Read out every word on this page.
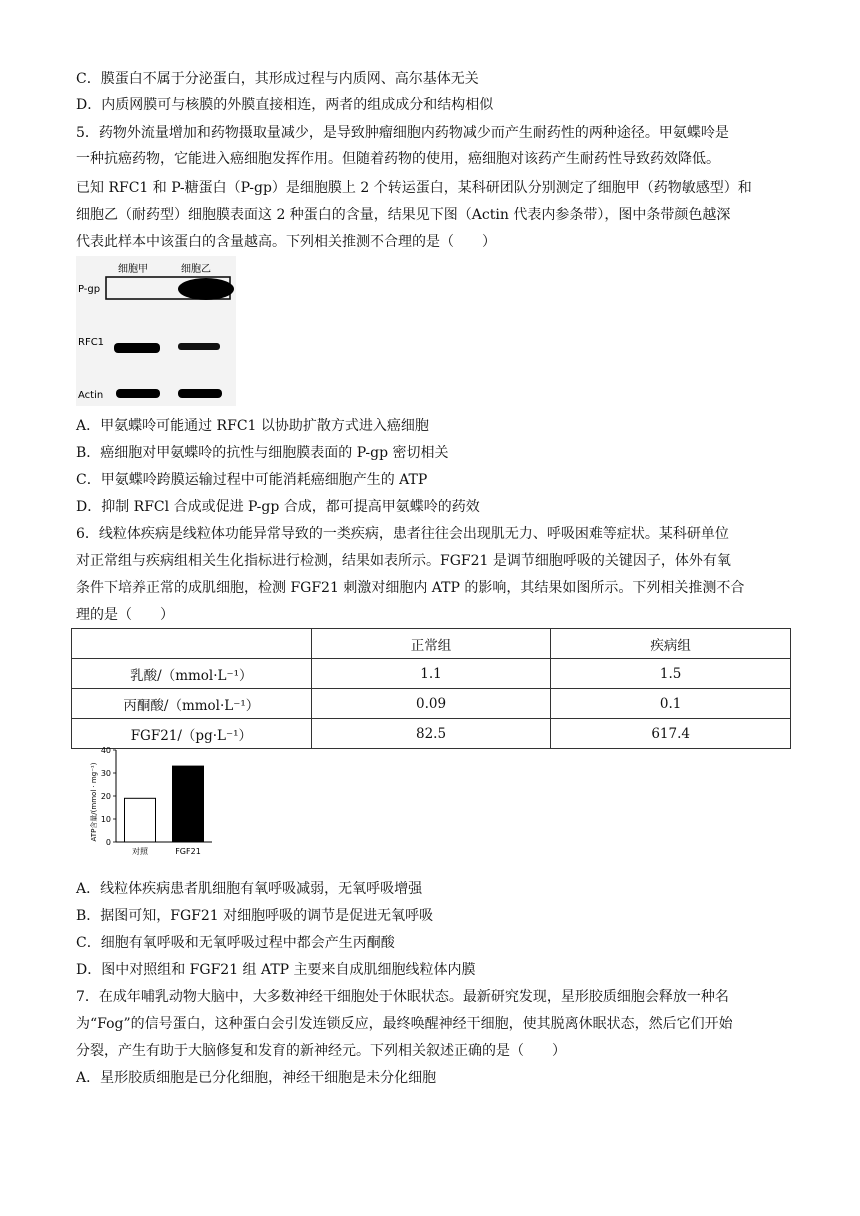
C．膜蛋白不属于分泌蛋白，其形成过程与内质网、高尔基体无关
D．内质网膜可与核膜的外膜直接相连，两者的组成成分和结构相似
5．药物外流量增加和药物摄取量减少，是导致肿瘤细胞内药物减少而产生耐药性的两种途径。甲氨蝶呤是
一种抗癌药物，它能进入癌细胞发挥作用。但随着药物的使用，癌细胞对该药产生耐药性导致药效降低。
已知 RFC1 和 P-糖蛋白（P-gp）是细胞膜上 2 个转运蛋白，某科研团队分别测定了细胞甲（药物敏感型）和
细胞乙（耐药型）细胞膜表面这 2 种蛋白的含量，结果见下图（Actin 代表内参条带），图中条带颜色越深
代表此样本中该蛋白的含量越高。下列相关推测不合理的是（　　）
细胞甲	细胞乙
P-gp
RFC1
Actin
A．甲氨蝶呤可能通过 RFC1 以协助扩散方式进入癌细胞
B．癌细胞对甲氨蝶呤的抗性与细胞膜表面的 P-gp 密切相关
C．甲氨蝶呤跨膜运输过程中可能消耗癌细胞产生的 ATP
D．抑制 RFCl 合成或促进 P-gp 合成，都可提高甲氨蝶呤的药效
6．线粒体疾病是线粒体功能异常导致的一类疾病，患者往往会出现肌无力、呼吸困难等症状。某科研单位
对正常组与疾病组相关生化指标进行检测，结果如表所示。FGF21 是调节细胞呼吸的关键因子，体外有氧
条件下培养正常的成肌细胞，检测 FGF21 刺激对细胞内 ATP 的影响，其结果如图所示。下列相关推测不合
理的是（　　）
	正常组	疾病组
乳酸/（mmol·L⁻¹）	1.1	1.5
丙酮酸/（mmol·L⁻¹）	0.09	0.1
FGF21/（pg·L⁻¹）	82.5	617.4
ATP含量/(mmol · mg⁻¹)
0
10
20
30
40
对照	FGF21
A．线粒体疾病患者肌细胞有氧呼吸减弱，无氧呼吸增强
B．据图可知，FGF21 对细胞呼吸的调节是促进无氧呼吸
C．细胞有氧呼吸和无氧呼吸过程中都会产生丙酮酸
D．图中对照组和 FGF21 组 ATP 主要来自成肌细胞线粒体内膜
7．在成年哺乳动物大脑中，大多数神经干细胞处于休眠状态。最新研究发现，星形胶质细胞会释放一种名
为“Fog”的信号蛋白，这种蛋白会引发连锁反应，最终唤醒神经干细胞，使其脱离休眠状态，然后它们开始
分裂，产生有助于大脑修复和发育的新神经元。下列相关叙述正确的是（　　）
A．星形胶质细胞是已分化细胞，神经干细胞是未分化细胞
